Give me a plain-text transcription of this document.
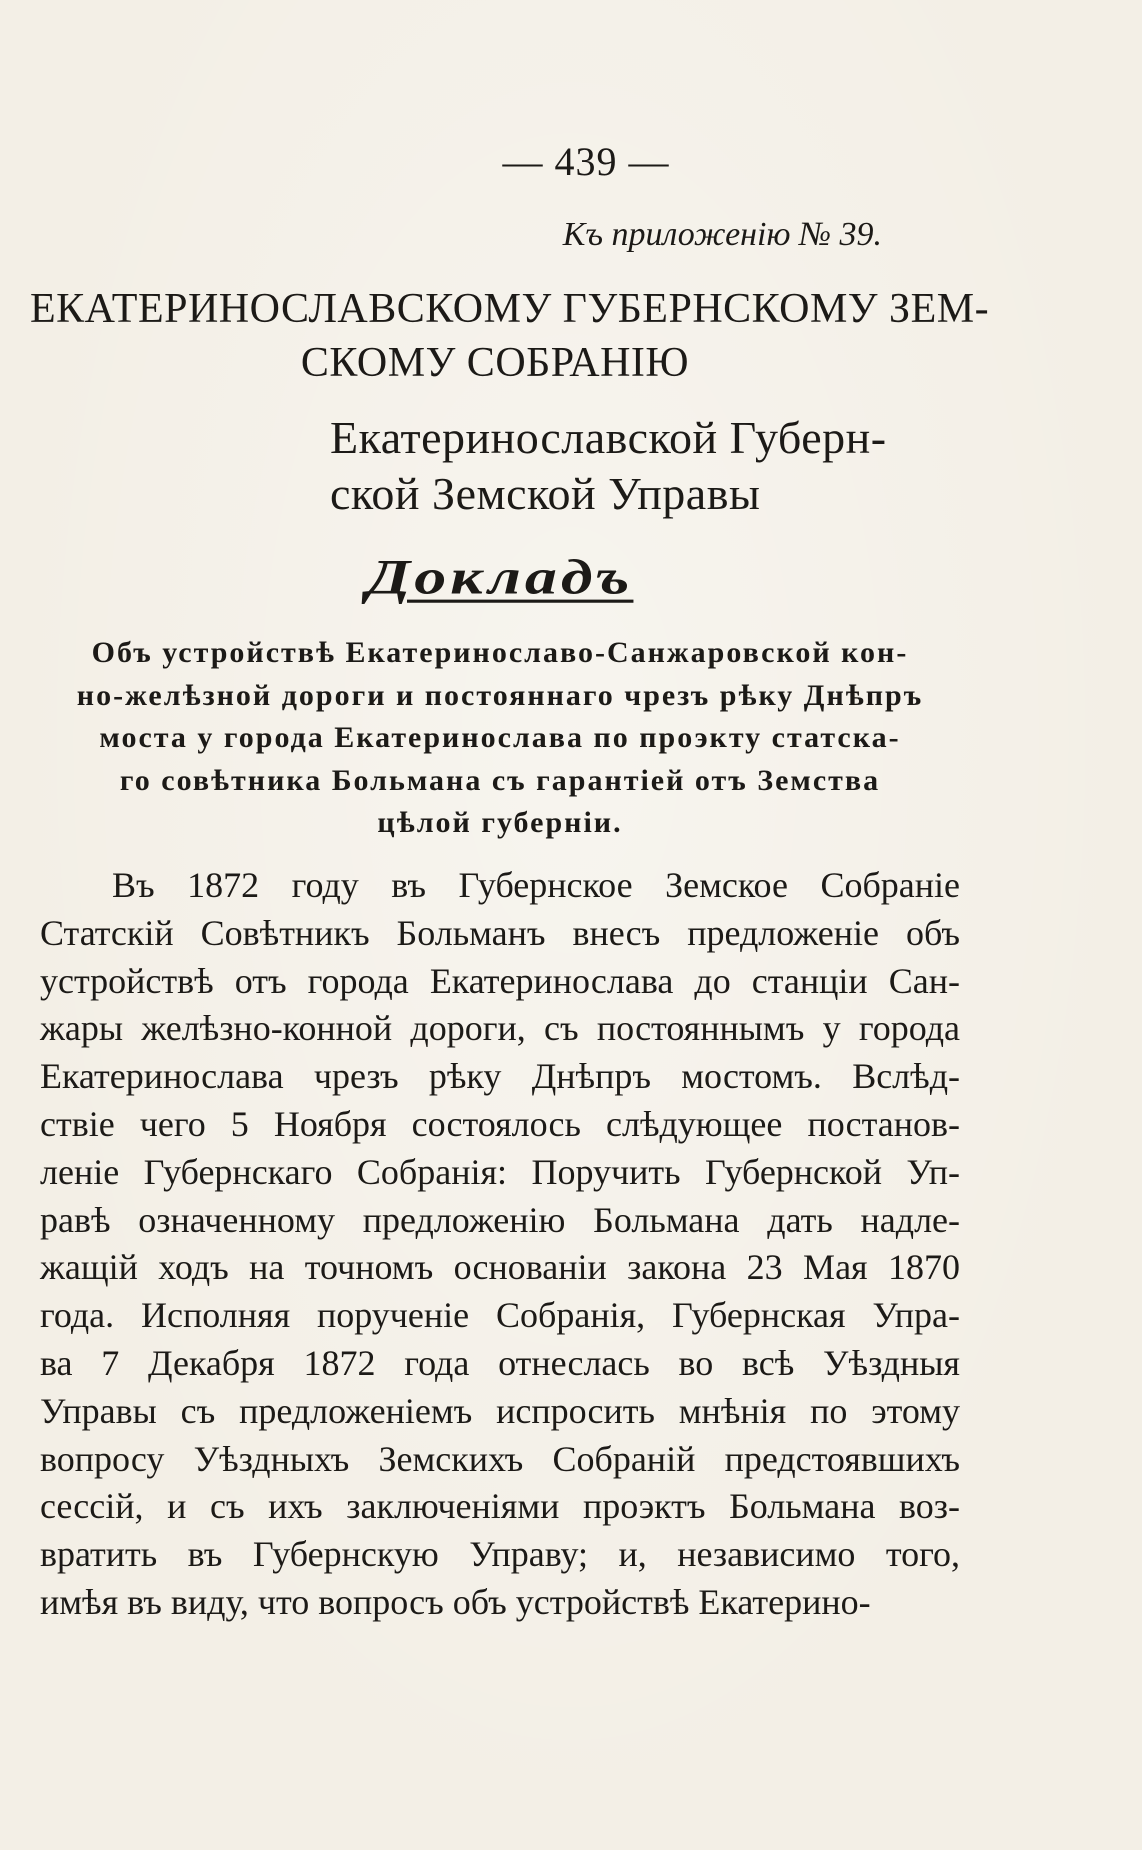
— 439 —
Къ приложенію № 39.
ЕКАТЕРИНОСЛАВСКОМУ ГУБЕРНСКОМУ ЗЕМ-
СКОМУ СОБРАНІЮ
Екатеринославской Губерн-
ской Земской Управы
Докладъ
Объ устройствѣ Екатеринославо-Санжаровской кон-
но-желѣзной дороги и постояннаго чрезъ рѣку Днѣпръ
моста у города Екатеринослава по проэкту статска-
го совѣтника Больмана съ гарантіей отъ Земства
цѣлой губерніи.
Въ 1872 году въ Губернское Земское Собраніе
Статскій Совѣтникъ Больманъ внесъ предложеніе объ
устройствѣ отъ города Екатеринослава до станціи Сан-
жары желѣзно-конной дороги, съ постояннымъ у города
Екатеринослава чрезъ рѣку Днѣпръ мостомъ. Вслѣд-
ствіе чего 5 Ноября состоялось слѣдующее постанов-
леніе Губернскаго Собранія: Поручить Губернской Уп-
равѣ означенному предложенію Больмана дать надле-
жащій ходъ на точномъ основаніи закона 23 Мая 1870
года. Исполняя порученіе Собранія, Губернская Упра-
ва 7 Декабря 1872 года отнеслась во всѣ Уѣздныя
Управы съ предложеніемъ испросить мнѣнія по этому
вопросу Уѣздныхъ Земскихъ Собраній предстоявшихъ
сессій, и съ ихъ заключеніями проэктъ Больмана воз-
вратить въ Губернскую Управу; и, независимо того,
имѣя въ виду, что вопросъ объ устройствѣ Екатерино-
